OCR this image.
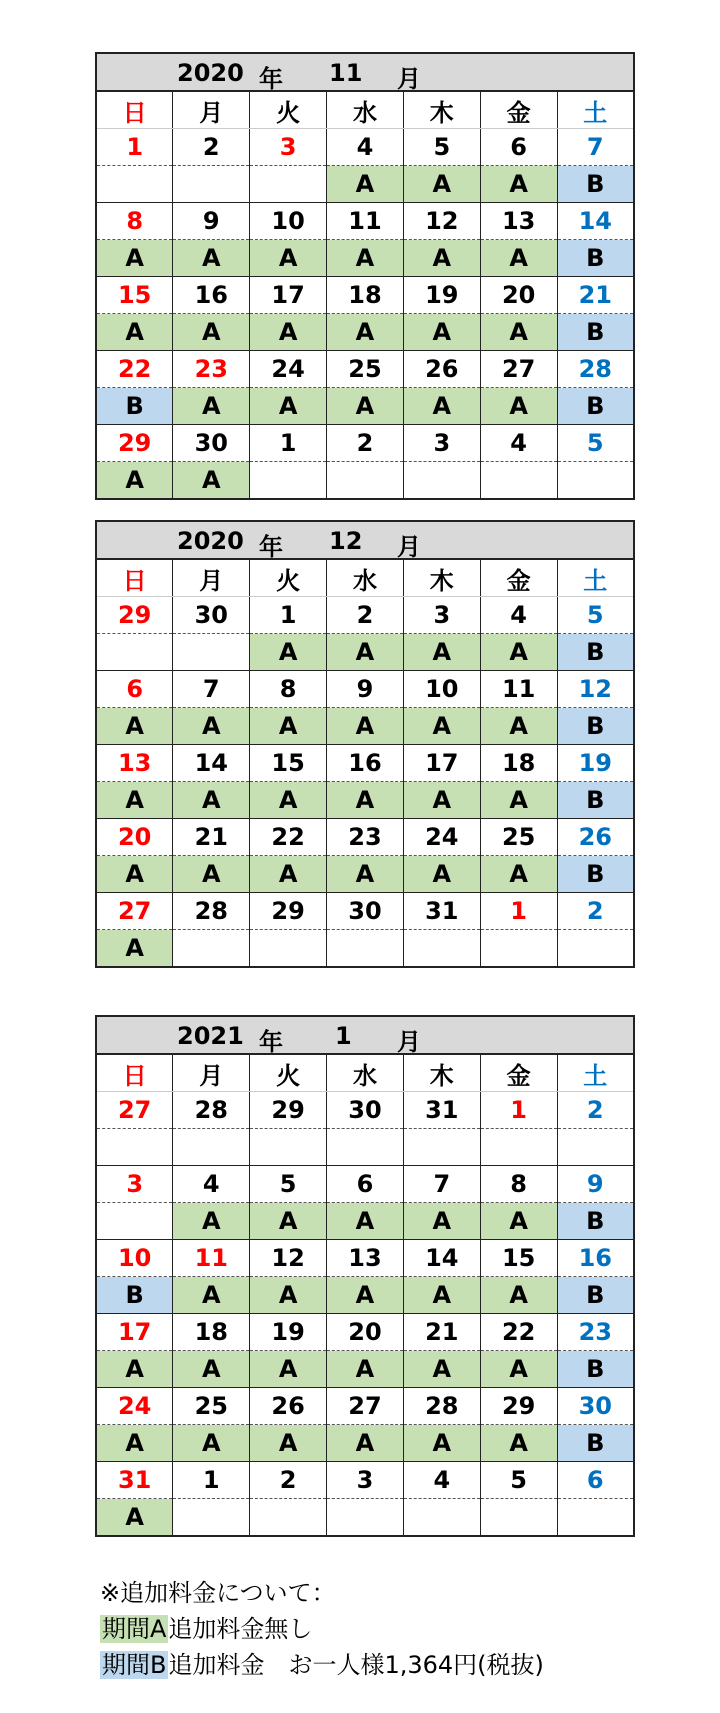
2020 年 11 月						

日	月	火	水	木	金	土
1	2	3	4	5	6	7
			A	A	A	B
8	9	10	11	12	13	14
A	A	A	A	A	A	B
15	16	17	18	19	20	21
A	A	A	A	A	A	B
22	23	24	25	26	27	28
B	A	A	A	A	A	B
29	30	1	2	3	4	5
A	A					
2020 年 12 月						

日	月	火	水	木	金	土
29	30	1	2	3	4	5
		A	A	A	A	B
6	7	8	9	10	11	12
A	A	A	A	A	A	B
13	14	15	16	17	18	19
A	A	A	A	A	A	B
20	21	22	23	24	25	26
A	A	A	A	A	A	B
27	28	29	30	31	1	2
A						
2021 年 1 月						

日	月	火	水	木	金	土
27	28	29	30	31	1	2

3	4	5	6	7	8	9
	A	A	A	A	A	B
10	11	12	13	14	15	16
B	A	A	A	A	A	B
17	18	19	20	21	22	23
A	A	A	A	A	A	B
24	25	26	27	28	29	30
A	A	A	A	A	A	B
31	1	2	3	4	5	6
A						
※追加料金について：
期間A追加料金無し
期間B追加料金　お一人様1,364円(税抜)
